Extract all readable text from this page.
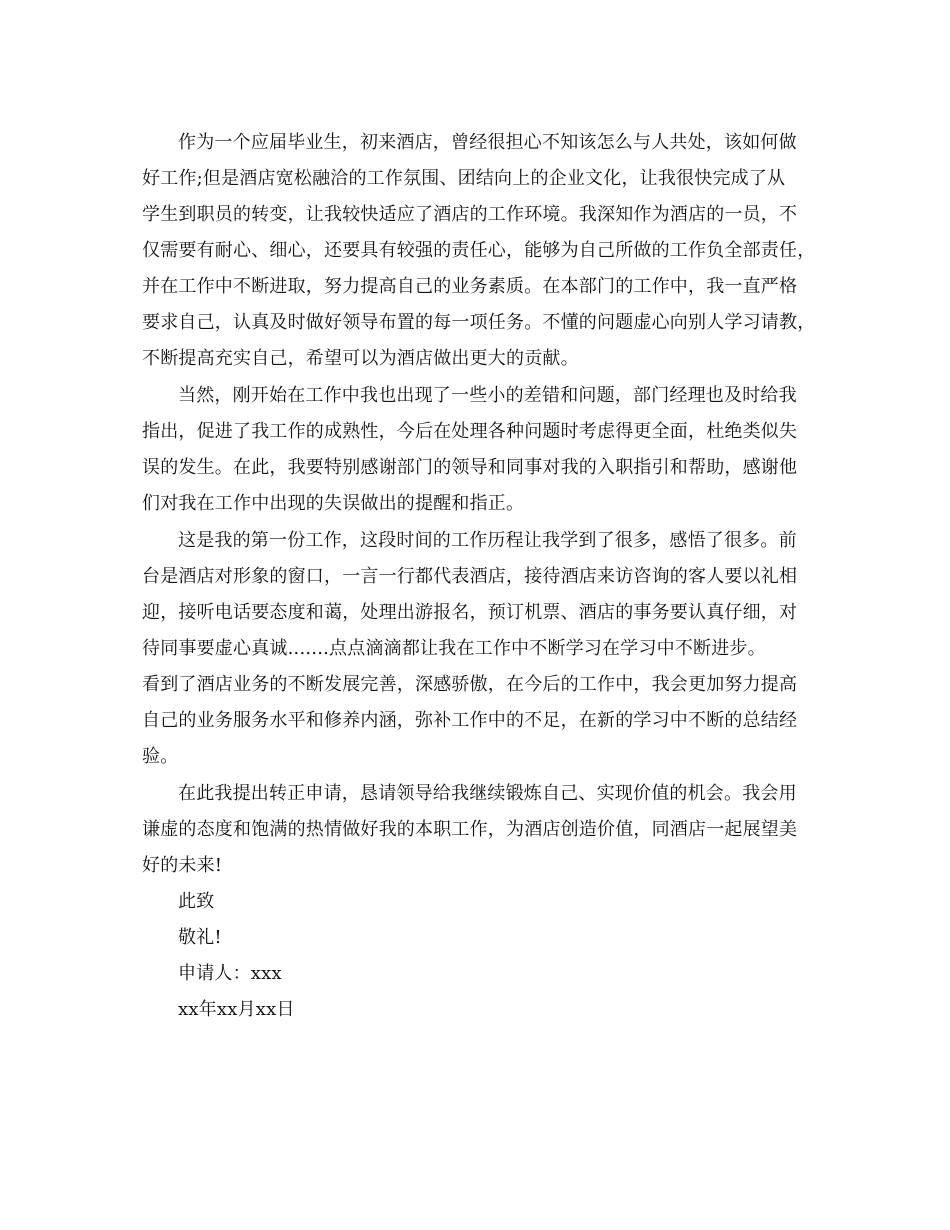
作为一个应届毕业生，初来酒店，曾经很担心不知该怎么与人共处，该如何做
好工作;但是酒店宽松融洽的工作氛围、团结向上的企业文化，让我很快完成了从
学生到职员的转变，让我较快适应了酒店的工作环境。我深知作为酒店的一员，不
仅需要有耐心、细心，还要具有较强的责任心，能够为自己所做的工作负全部责任，
并在工作中不断进取，努力提高自己的业务素质。在本部门的工作中，我一直严格
要求自己，认真及时做好领导布置的每一项任务。不懂的问题虚心向别人学习请教，
不断提高充实自己，希望可以为酒店做出更大的贡献。
当然，刚开始在工作中我也出现了一些小的差错和问题，部门经理也及时给我
指出，促进了我工作的成熟性，今后在处理各种问题时考虑得更全面，杜绝类似失
误的发生。在此，我要特别感谢部门的领导和同事对我的入职指引和帮助，感谢他
们对我在工作中出现的失误做出的提醒和指正。
这是我的第一份工作，这段时间的工作历程让我学到了很多，感悟了很多。前
台是酒店对形象的窗口，一言一行都代表酒店，接待酒店来访咨询的客人要以礼相
迎，接听电话要态度和蔼，处理出游报名，预订机票、酒店的事务要认真仔细，对
待同事要虚心真诚.......点点滴滴都让我在工作中不断学习在学习中不断进步。
看到了酒店业务的不断发展完善，深感骄傲，在今后的工作中，我会更加努力提高
自己的业务服务水平和修养内涵，弥补工作中的不足，在新的学习中不断的总结经
验。
在此我提出转正申请，恳请领导给我继续锻炼自己、实现价值的机会。我会用
谦虚的态度和饱满的热情做好我的本职工作，为酒店创造价值，同酒店一起展望美
好的未来!
此致
敬礼!
申请人：xxx
xx年xx月xx日
